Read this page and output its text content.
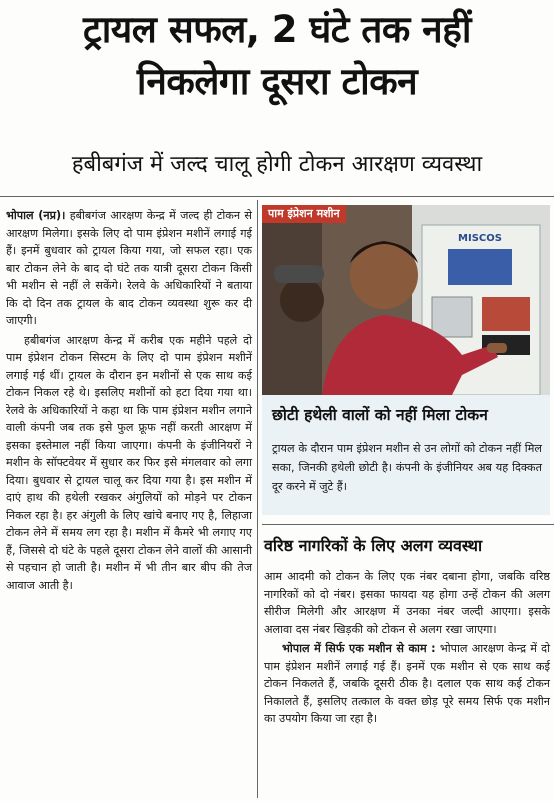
ट्रायल सफल, 2 घंटे तक नहीं
निकलेगा दूसरा टोकन
हबीबगंज में जल्द चालू होगी टोकन आरक्षण व्यवस्था

भोपाल (नप्र)। हबीबगंज आरक्षण केन्द्र में जल्द ही टोकन से आरक्षण मिलेगा। इसके लिए दो पाम इंप्रेशन मशीनें लगाई गई हैं। इनमें बुधवार को ट्रायल किया गया, जो सफल रहा। एक बार टोकन लेने के बाद दो घंटे तक यात्री दूसरा टोकन किसी भी मशीन से नहीं ले सकेंगे। रेलवे के अधिकारियों ने बताया कि दो दिन तक ट्रायल के बाद टोकन व्यवस्था शुरू कर दी जाएगी।

हबीबगंज आरक्षण केन्द्र में करीब एक महीने पहले दो पाम इंप्रेशन टोकन सिस्टम के लिए दो पाम इंप्रेशन मशीनें लगाई गई थीं। ट्रायल के दौरान इन मशीनों से एक साथ कई टोकन निकल रहे थे। इसलिए मशीनों को हटा दिया गया था। रेलवे के अधिकारियों ने कहा था कि पाम इंप्रेशन मशीन लगाने वाली कंपनी जब तक इसे फुल फ्रूफ नहीं करती आरक्षण में इसका इस्तेमाल नहीं किया जाएगा। कंपनी के इंजीनियरों ने मशीन के सॉफ्टवेयर में सुधार कर फिर इसे मंगलवार को लगा दिया। बुधवार से ट्रायल चालू कर दिया गया है। इस मशीन में दाएं हाथ की हथेली रखकर अंगुलियों को मोड़ने पर टोकन निकल रहा है। हर अंगुली के लिए खांचे बनाए गए है, लिहाजा टोकन लेने में समय लग रहा है। मशीन में कैमरे भी लगाए गए हैं, जिससे दो घंटे के पहले दूसरा टोकन लेने वालों की आसानी से पहचान हो जाती है। मशीन में भी तीन बार बीप की तेज आवाज आती है।

MISCOS
पाम इंप्रेशन मशीन
छोटी हथेली वालों को नहीं मिला टोकन
ट्रायल के दौरान पाम इंप्रेशन मशीन से उन लोगों को टोकन नहीं मिल सका, जिनकी हथेली छोटी है। कंपनी के इंजीनियर अब यह दिक्कत दूर करने में जुटे हैं।
वरिष्ठ नागरिकों के लिए अलग व्यवस्था

आम आदमी को टोकन के लिए एक नंबर दबाना होगा, जबकि वरिष्ठ नागरिकों को दो नंबर। इसका फायदा यह होगा उन्हें टोकन की अलग सीरीज मिलेगी और आरक्षण में उनका नंबर जल्दी आएगा। इसके अलावा दस नंबर खिड़की को टोकन से अलग रखा जाएगा।

भोपाल में सिर्फ एक मशीन से काम : भोपाल आरक्षण केन्द्र में दो पाम इंप्रेशन मशीनें लगाई गई हैं। इनमें एक मशीन से एक साथ कई टोकन निकलते हैं, जबकि दूसरी ठीक है। दलाल एक साथ कई टोकन निकालते हैं, इसलिए तत्काल के वक्त छोड़ पूरे समय सिर्फ एक मशीन का उपयोग किया जा रहा है।
